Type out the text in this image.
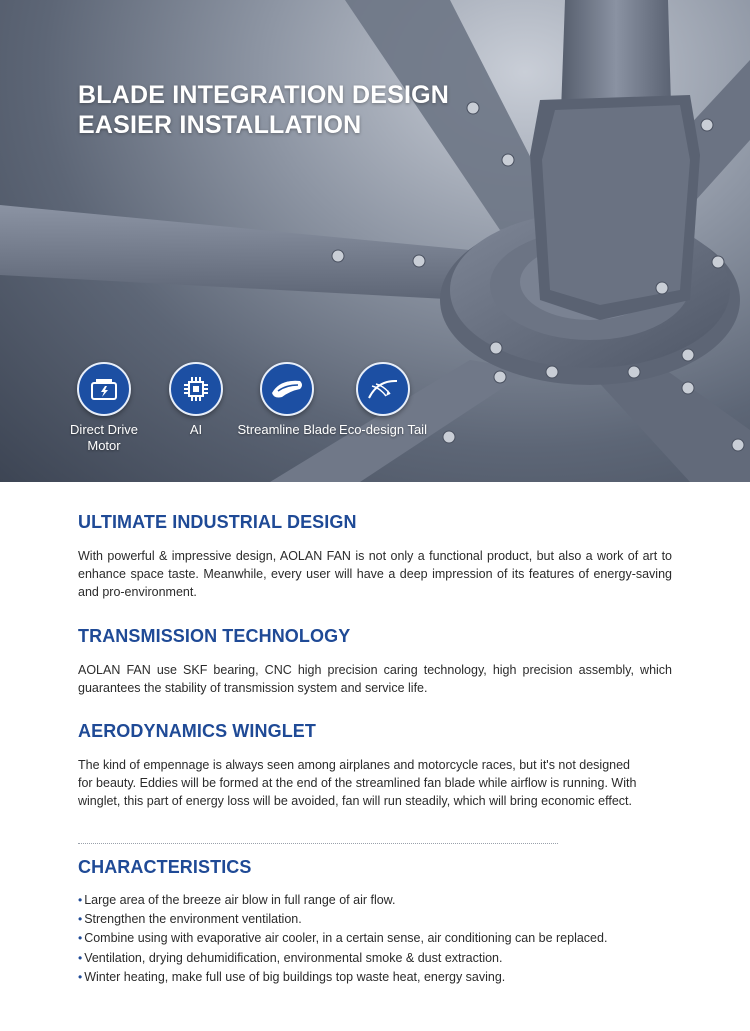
BLADE INTEGRATION DESIGN
EASIER INSTALLATION
Direct Drive
Motor
AI	Streamline Blade Eco-design Tail
ULTIMATE INDUSTRIAL DESIGN

With powerful & impressive design, AOLAN FAN is not only a functional product, but also a work of art to enhance space taste. Meanwhile, every user will have a deep impression of its features of energy-saving and pro-environment.

TRANSMISSION TECHNOLOGY

AOLAN FAN use SKF bearing, CNC high precision caring technology, high precision assembly, which guarantees the stability of transmission system and service life.

AERODYNAMICS WINGLET

The kind of empennage is always seen among airplanes and motorcycle races, but it's not designed for beauty. Eddies will be formed at the end of the streamlined fan blade while airflow is running. With winglet, this part of energy loss will be avoided, fan will run steadily, which will bring economic effect.

CHARACTERISTICS
• Large area of the breeze air blow in full range of air flow.
• Strengthen the environment ventilation.
• Combine using with evaporative air cooler, in a certain sense, air conditioning can be replaced.
• Ventilation, drying dehumidification, environmental smoke & dust extraction.
• Winter heating, make full use of big buildings top waste heat, energy saving.
